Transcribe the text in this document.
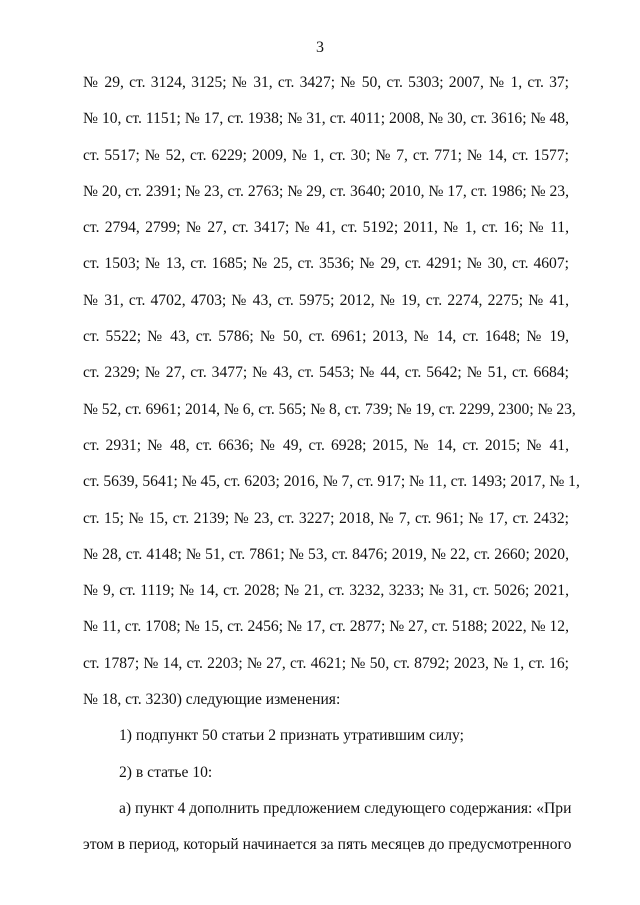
3
№ 29, ст. 3124, 3125; № 31, ст. 3427; № 50, ст. 5303; 2007, № 1, ст. 37;
№ 10, ст. 1151; № 17, ст. 1938; № 31, ст. 4011; 2008, № 30, ст. 3616; № 48,
ст. 5517; № 52, ст. 6229; 2009, № 1, ст. 30; № 7, ст. 771; № 14, ст. 1577;
№ 20, ст. 2391; № 23, ст. 2763; № 29, ст. 3640; 2010, № 17, ст. 1986; № 23,
ст. 2794, 2799; № 27, ст. 3417; № 41, ст. 5192; 2011, № 1, ст. 16; № 11,
ст. 1503; № 13, ст. 1685; № 25, ст. 3536; № 29, ст. 4291; № 30, ст. 4607;
№ 31, ст. 4702, 4703; № 43, ст. 5975; 2012, № 19, ст. 2274, 2275; № 41,
ст. 5522; № 43, ст. 5786; № 50, ст. 6961; 2013, № 14, ст. 1648; № 19,
ст. 2329; № 27, ст. 3477; № 43, ст. 5453; № 44, ст. 5642; № 51, ст. 6684;
№ 52, ст. 6961; 2014, № 6, ст. 565; № 8, ст. 739; № 19, ст. 2299, 2300; № 23,
ст. 2931; № 48, ст. 6636; № 49, ст. 6928; 2015, № 14, ст. 2015; № 41,
ст. 5639, 5641; № 45, ст. 6203; 2016, № 7, ст. 917; № 11, ст. 1493; 2017, № 1,
ст. 15; № 15, ст. 2139; № 23, ст. 3227; 2018, № 7, ст. 961; № 17, ст. 2432;
№ 28, ст. 4148; № 51, ст. 7861; № 53, ст. 8476; 2019, № 22, ст. 2660; 2020,
№ 9, ст. 1119; № 14, ст. 2028; № 21, ст. 3232, 3233; № 31, ст. 5026; 2021,
№ 11, ст. 1708; № 15, ст. 2456; № 17, ст. 2877; № 27, ст. 5188; 2022, № 12,
ст. 1787; № 14, ст. 2203; № 27, ст. 4621; № 50, ст. 8792; 2023, № 1, ст. 16;
№ 18, ст. 3230) следующие изменения:
1) подпункт 50 статьи 2 признать утратившим силу;
2) в статье 10:
а) пункт 4 дополнить предложением следующего содержания: «При
этом в период, который начинается за пять месяцев до предусмотренного
